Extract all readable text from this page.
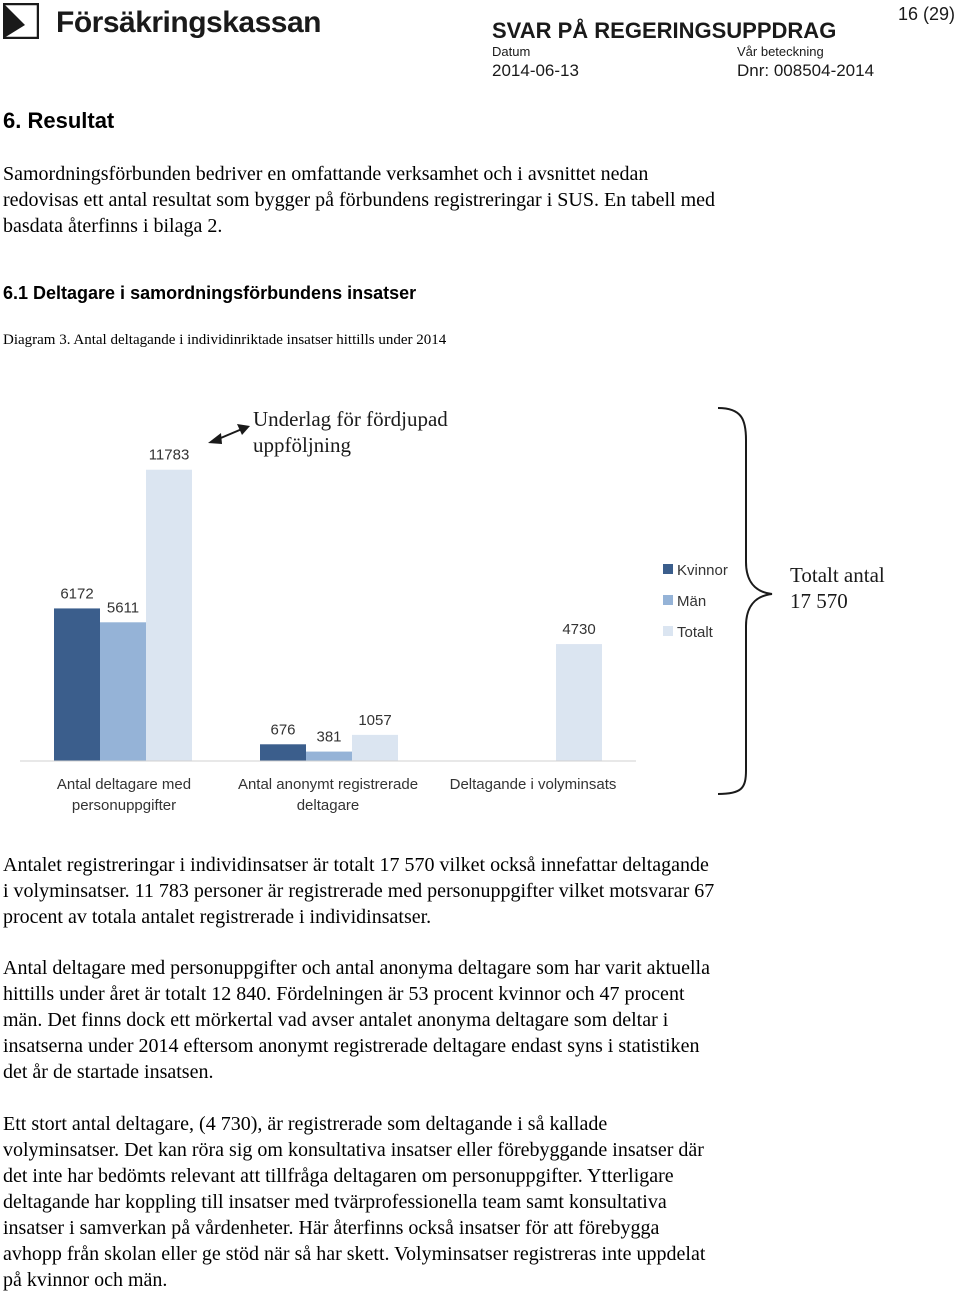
Försäkringskassan	SVAR PÅ REGERINGSUPPDRAG
16 (29)
Datum
2014-06-13
Vår beteckning
Dnr: 008504-2014
6. Resultat

Samordningsförbunden bedriver en omfattande verksamhet och i avsnittet nedan
redovisas ett antal resultat som bygger på förbundens registreringar i SUS. En tabell med
basdata återfinns i bilaga 2.

6.1 Deltagare i samordningsförbundens insatser
Diagram 3. Antal deltagande i individinriktade insatser hittills under 2014
6172
5611
11783
676 381
1057
4730
Antal deltagare med
personuppgifter
Antal anonymt registrerade
deltagare
Deltagande i volyminsats
Kvinnor
Män
Totalt
Underlag för fördjupad
uppföljning
Totalt antal
17 570

Antalet registreringar i individinsatser är totalt 17 570 vilket också innefattar deltagande
i volyminsatser. 11 783 personer är registrerade med personuppgifter vilket motsvarar 67
procent av totala antalet registrerade i individinsatser.

Antal deltagare med personuppgifter och antal anonyma deltagare som har varit aktuella
hittills under året är totalt 12 840. Fördelningen är 53 procent kvinnor och 47 procent
män. Det finns dock ett mörkertal vad avser antalet anonyma deltagare som deltar i
insatserna under 2014 eftersom anonymt registrerade deltagare endast syns i statistiken
det år de startade insatsen.

Ett stort antal deltagare, (4 730), är registrerade som deltagande i så kallade
volyminsatser. Det kan röra sig om konsultativa insatser eller förebyggande insatser där
det inte har bedömts relevant att tillfråga deltagaren om personuppgifter. Ytterligare
deltagande har koppling till insatser med tvärprofessionella team samt konsultativa
insatser i samverkan på vårdenheter. Här återfinns också insatser för att förebygga
avhopp från skolan eller ge stöd när så har skett. Volyminsatser registreras inte uppdelat
på kvinnor och män.
